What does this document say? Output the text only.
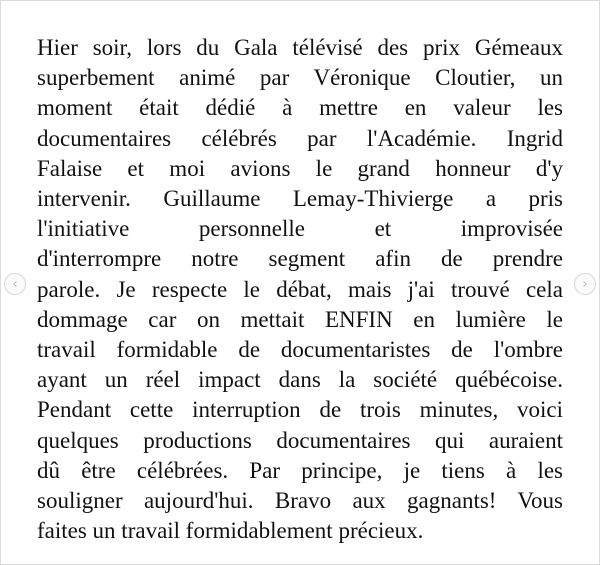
Hier soir, lors du Gala télévisé des prix Gémeaux
superbement animé par Véronique Cloutier, un
moment était dédié à mettre en valeur les
documentaires célébrés par l'Académie. Ingrid
Falaise et moi avions le grand honneur d'y
intervenir. Guillaume Lemay-Thivierge a pris
l'initiative personnelle et improvisée
d'interrompre notre segment afin de prendre
parole. Je respecte le débat, mais j'ai trouvé cela
dommage car on mettait ENFIN en lumière le
travail formidable de documentaristes de l'ombre
ayant un réel impact dans la société québécoise.
Pendant cette interruption de trois minutes, voici
quelques productions documentaires qui auraient
dû être célébrées. Par principe, je tiens à les
souligner aujourd'hui. Bravo aux gagnants! Vous
faites un travail formidablement précieux.

‹	›
